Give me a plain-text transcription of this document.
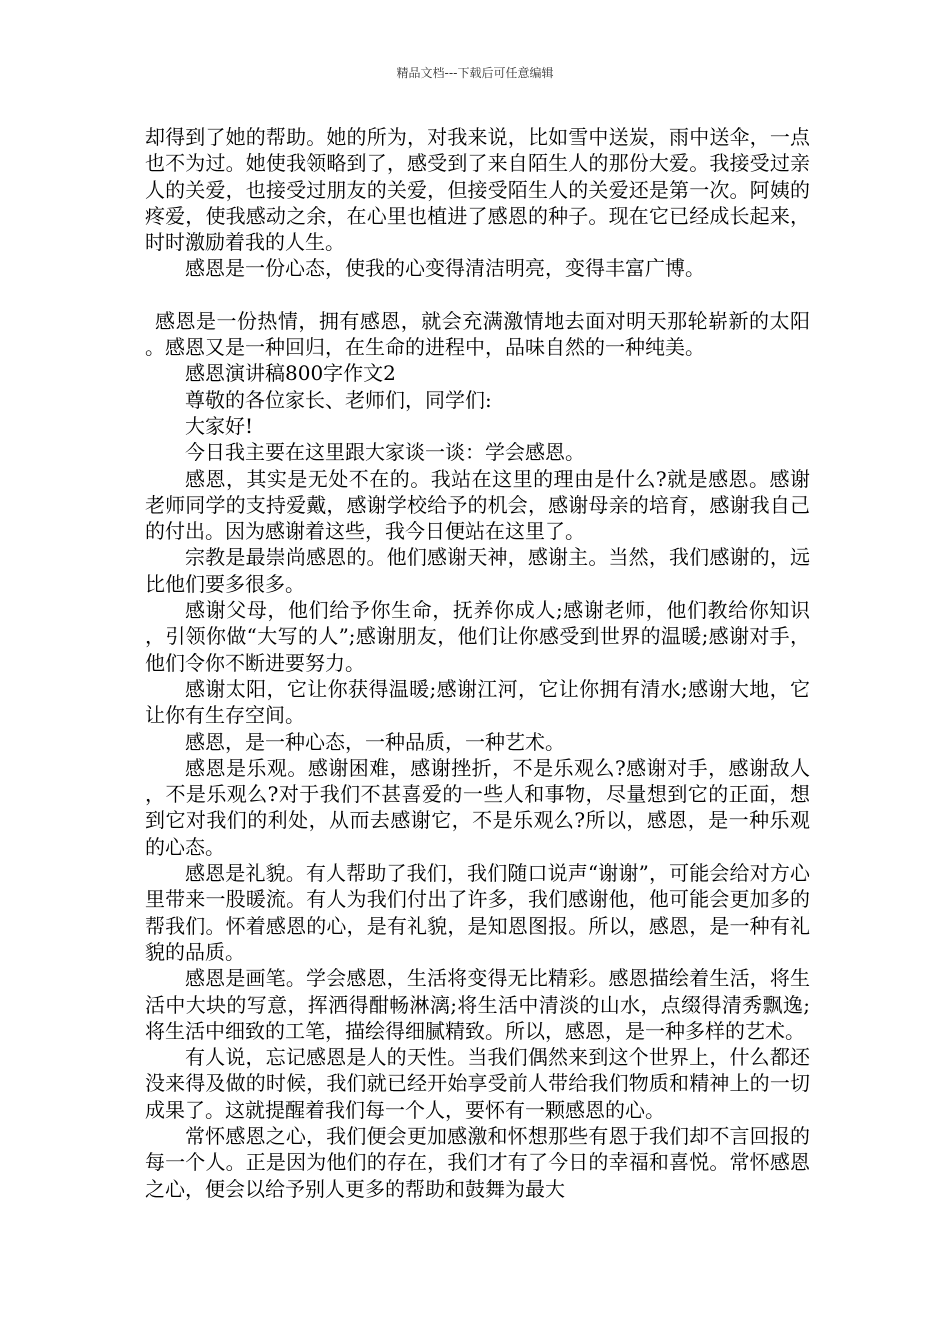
精品文档---下载后可任意编辑

却得到了她的帮助。她的所为，对我来说，比如雪中送炭，雨中送伞，一点也不为过。她使我领略到了，感受到了来自陌生人的那份大爱。我接受过亲人的关爱，也接受过朋友的关爱，但接受陌生人的关爱还是第一次。阿姨的疼爱，使我感动之余，在心里也植进了感恩的种子。现在它已经成长起来，时时激励着我的人生。

感恩是一份心态，使我的心变得清洁明亮，变得丰富广博。

感恩是一份热情，拥有感恩，就会充满激情地去面对明天那轮崭新的太阳。感恩又是一种回归，在生命的进程中，品味自然的一种纯美。

感恩演讲稿800字作文2

尊敬的各位家长、老师们，同学们:

大家好!

今日我主要在这里跟大家谈一谈：学会感恩。

感恩，其实是无处不在的。我站在这里的理由是什么?就是感恩。感谢老师同学的支持爱戴，感谢学校给予的机会，感谢母亲的培育，感谢我自己的付出。因为感谢着这些，我今日便站在这里了。

宗教是最崇尚感恩的。他们感谢天神，感谢主。当然，我们感谢的，远比他们要多很多。

感谢父母，他们给予你生命，抚养你成人;感谢老师，他们教给你知识，引领你做“大写的人”;感谢朋友，他们让你感受到世界的温暖;感谢对手，他们令你不断进要努力。

感谢太阳，它让你获得温暖;感谢江河，它让你拥有清水;感谢大地，它让你有生存空间。

感恩，是一种心态，一种品质，一种艺术。

感恩是乐观。感谢困难，感谢挫折，不是乐观么?感谢对手，感谢敌人，不是乐观么?对于我们不甚喜爱的一些人和事物，尽量想到它的正面，想到它对我们的利处，从而去感谢它，不是乐观么?所以，感恩，是一种乐观的心态。

感恩是礼貌。有人帮助了我们，我们随口说声“谢谢”，可能会给对方心里带来一股暖流。有人为我们付出了许多，我们感谢他，他可能会更加多的帮我们。怀着感恩的心，是有礼貌，是知恩图报。所以，感恩，是一种有礼貌的品质。

感恩是画笔。学会感恩，生活将变得无比精彩。感恩描绘着生活，将生活中大块的写意，挥洒得酣畅淋漓;将生活中清淡的山水，点缀得清秀飘逸;将生活中细致的工笔，描绘得细腻精致。所以，感恩，是一种多样的艺术。

有人说，忘记感恩是人的天性。当我们偶然来到这个世界上，什么都还没来得及做的时候，我们就已经开始享受前人带给我们物质和精神上的一切成果了。这就提醒着我们每一个人，要怀有一颗感恩的心。

常怀感恩之心，我们便会更加感激和怀想那些有恩于我们却不言回报的每一个人。正是因为他们的存在，我们才有了今日的幸福和喜悦。常怀感恩之心，便会以给予别人更多的帮助和鼓舞为最大
